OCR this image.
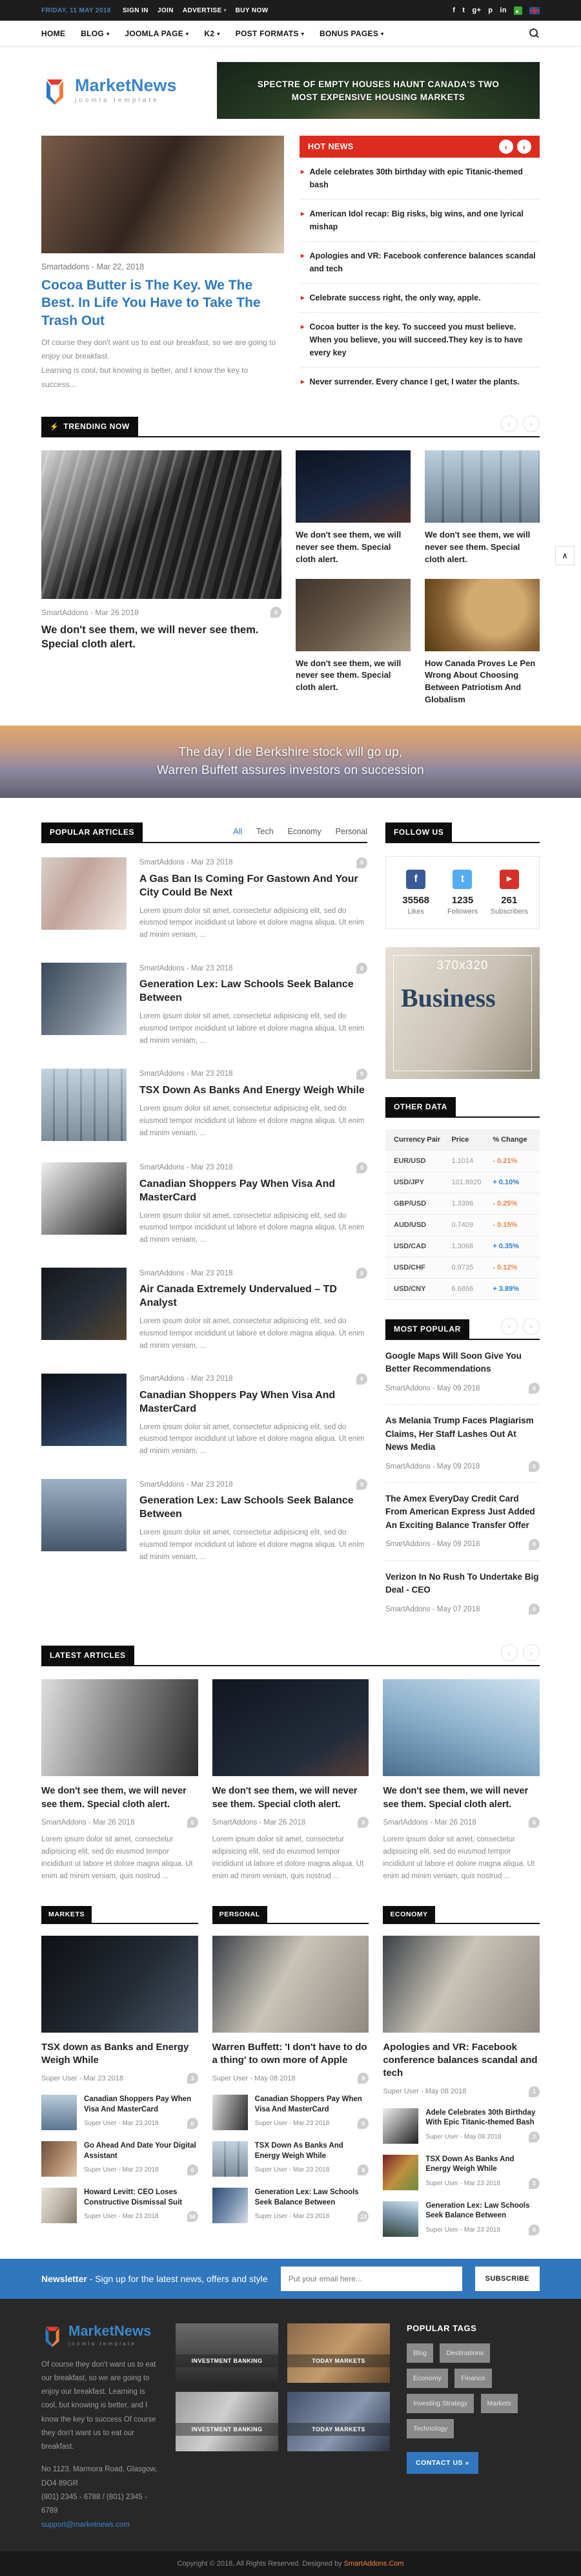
FRIDAY, 11 MAY 2018 SIGN IN JOIN ADVERTISE ▾ BUY NOW
f
t
g+
p
in
HOME BLOG ▾ JOOMLA PAGE ▾ K2 ▾ POST FORMATS ▾ BONUS PAGES ▾
MarketNews
joomla template
SPECTRE OF EMPTY HOUSES HAUNT CANADA'S TWO
MOST EXPENSIVE HOUSING MARKETS
Smartaddons - Mar 22, 2018
Cocoa Butter is The Key. We The Best. In Life You Have to Take The Trash Out
Of course they don't want us to eat our breakfast, so we are going to enjoy our breakfast.
Learning is cool, but knowing is better, and I know the key to success...
HOT NEWS
‹
›
▸ Adele celebrates 30th birthday with epic Titanic-themed bash
▸ American Idol recap: Big risks, big wins, and one lyrical mishap
▸ Apologies and VR: Facebook conference balances scandal and tech
▸ Celebrate success right, the only way, apple.
▸ Cocoa butter is the key. To succeed you must believe. When you believe, you will succeed.They key is to have every key
▸ Never surrender. Every chance I get, I water the plants.
⚡ TRENDING NOW
‹
›
SmartAddons - Mar 26 2018	0
We don't see them, we will never see them. Special cloth alert.
We don't see them, we will never see them. Special cloth alert.
We don't see them, we will never see them. Special cloth alert.
We don't see them, we will never see them. Special cloth alert.
How Canada Proves Le Pen Wrong About Choosing Between Patriotism And Globalism
The day I die Berkshire stock will go up,
Warren Buffett assures investors on succession
POPULAR ARTICLES	All Tech Economy Personal
SmartAddons - Mar 23 2018	0
A Gas Ban Is Coming For Gastown And Your City Could Be Next
Lorem ipsum dolor sit amet, consectetur adipisicing elit, sed do eiusmod tempor incididunt ut labore et dolore magna aliqua. Ut enim ad minim veniam, ...
SmartAddons - Mar 23 2018	0
Generation Lex: Law Schools Seek Balance Between
Lorem ipsum dolor sit amet, consectetur adipisicing elit, sed do eiusmod tempor incididunt ut labore et dolore magna aliqua. Ut enim ad minim veniam, ...
SmartAddons - Mar 23 2018	0
TSX Down As Banks And Energy Weigh While
Lorem ipsum dolor sit amet, consectetur adipisicing elit, sed do eiusmod tempor incididunt ut labore et dolore magna aliqua. Ut enim ad minim veniam, ...
SmartAddons - Mar 23 2018	0
Canadian Shoppers Pay When Visa And MasterCard
Lorem ipsum dolor sit amet, consectetur adipisicing elit, sed do eiusmod tempor incididunt ut labore et dolore magna aliqua. Ut enim ad minim veniam, ...
SmartAddons - Mar 23 2018	0
Air Canada Extremely Undervalued – TD Analyst
Lorem ipsum dolor sit amet, consectetur adipisicing elit, sed do eiusmod tempor incididunt ut labore et dolore magna aliqua. Ut enim ad minim veniam, ...
SmartAddons - Mar 23 2018	0
Canadian Shoppers Pay When Visa And MasterCard
Lorem ipsum dolor sit amet, consectetur adipisicing elit, sed do eiusmod tempor incididunt ut labore et dolore magna aliqua. Ut enim ad minim veniam, ...
SmartAddons - Mar 23 2018	0
Generation Lex: Law Schools Seek Balance Between
Lorem ipsum dolor sit amet, consectetur adipisicing elit, sed do eiusmod tempor incididunt ut labore et dolore magna aliqua. Ut enim ad minim veniam, ...
FOLLOW US
f
35568
Likes
t
1235
Followers
▶
261
Subscribers
370x320
Business
OTHER DATA
Currency Pair	Price	% Change
EUR/USD	1.1014	- 0.21%
USD/JPY	101.8920	+ 0.10%
GBP/USD	1.3398	- 0.25%
AUD/USD	0.7409	- 0.15%
USD/CAD	1.3068	+ 0.35%
USD/CHF	0.9735	- 0.12%
USD/CNY	6.6866	+ 3.89%
MOST POPULAR
‹
›
Google Maps Will Soon Give You Better Recommendations
SmartAddons - May 09 2018	0
As Melania Trump Faces Plagiarism Claims, Her Staff Lashes Out At News Media
SmartAddons - May 09 2018	0
The Amex EveryDay Credit Card From American Express Just Added An Exciting Balance Transfer Offer
SmartAddons - May 09 2018	0
Verizon In No Rush To Undertake Big Deal - CEO
SmartAddons - May 07 2018	0
LATEST ARTICLES
‹
›
We don't see them, we will never see them. Special cloth alert.
SmartAddons - Mar 26 2018	0
Lorem ipsum dolor sit amet, consectetur adipisicing elit, sed do eiusmod tempor incididunt ut labore et dolore magna aliqua. Ut enim ad minim veniam, quis nostrud ...
We don't see them, we will never see them. Special cloth alert.
SmartAddons - Mar 26 2018	0
Lorem ipsum dolor sit amet, consectetur adipisicing elit, sed do eiusmod tempor incididunt ut labore et dolore magna aliqua. Ut enim ad minim veniam, quis nostrud ...
We don't see them, we will never see them. Special cloth alert.
SmartAddons - Mar 26 2018	0
Lorem ipsum dolor sit amet, consectetur adipisicing elit, sed do eiusmod tempor incididunt ut labore et dolore magna aliqua. Ut enim ad minim veniam, quis nostrud ...
MARKETS
TSX down as Banks and Energy Weigh While
Super User - Mar 23 2018	3
Canadian Shoppers Pay When Visa And MasterCard
Super User - Mar 23 2018	0
Go Ahead And Date Your Digital Assistant
Super User - Mar 23 2018	0
Howard Levitt: CEO Loses Constructive Dismissal Suit
Super User - Mar 23 2018	56
PERSONAL
Warren Buffett: 'I don't have to do a thing' to own more of Apple
Super User - May 08 2018	9
Canadian Shoppers Pay When Visa And MasterCard
Super User - Mar 23 2018	0
TSX Down As Banks And Energy Weigh While
Super User - Mar 23 2018	6
Generation Lex: Law Schools Seek Balance Between
Super User - Mar 23 2018	13
ECONOMY
Apologies and VR: Facebook conference balances scandal and tech
Super User - May 08 2018	1
Adele Celebrates 30th Birthday With Epic Titanic-themed Bash
Super User - May 08 2018	2
TSX Down As Banks And Energy Weigh While
Super User - Mar 23 2018	2
Generation Lex: Law Schools Seek Balance Between
Super User - Mar 23 2018	0
Newsletter - Sign up for the latest news, offers and style
Put your email here...	SUBSCRIBE
MarketNews
joomla template
Of course they don't want us to eat our breakfast, so we are going to enjoy our breakfast. Learning is cool, but knowing is better, and I know the key to success Of course they don't want us to eat our breakfast.
No 1123, Marmora Road, Glasgow, DO4 89GR
(801) 2345 - 6788 / (801) 2345 - 6789
support@marketnews.com
INVESTMENT BANKING	TODAY MARKETS
INVESTMENT BANKING	TODAY MARKETS
POPULAR TAGS
Blog	Destinations Economy	Finance Investing Strategy	Markets Technology
CONTACT US »
Copyright © 2018, All Rights Reserved. Designed by SmartAddons.Com
∧
